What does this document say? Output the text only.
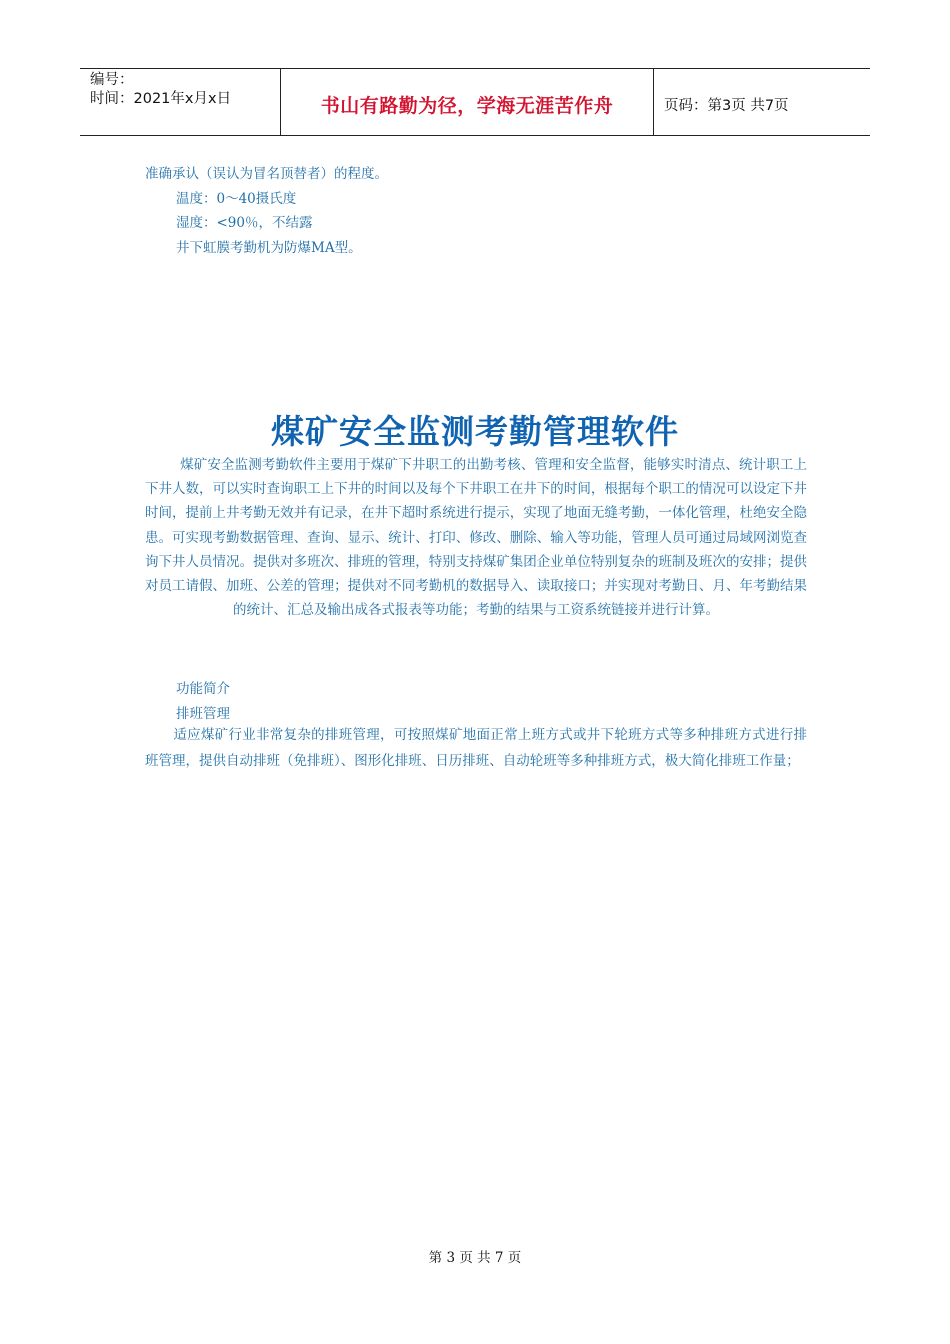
编号：
时间：2021年x月x日	书山有路勤为径，学海无涯苦作舟	页码：第3页 共7页
准确承认（误认为冒名顶替者）的程度。
温度：0～40摄氏度
湿度：<90％，不结露
井下虹膜考勤机为防爆MA型。
煤矿安全监测考勤管理软件
煤矿安全监测考勤软件主要用于煤矿下井职工的出勤考核、管理和安全监督，能够实时清点、统计职工上下井人数，可以实时查询职工上下井的时间以及每个下井职工在井下的时间，根据每个职工的情况可以设定下井时间，提前上井考勤无效并有记录，在井下超时系统进行提示，实现了地面无缝考勤，一体化管理，杜绝安全隐患。可实现考勤数据管理、查询、显示、统计、打印、修改、删除、输入等功能，管理人员可通过局域网浏览查询下井人员情况。提供对多班次、排班的管理，特别支持煤矿集团企业单位特别复杂的班制及班次的安排；提供对员工请假、加班、公差的管理；提供对不同考勤机的数据导入、读取接口；并实现对考勤日、月、年考勤结果的统计、汇总及输出成各式报表等功能；考勤的结果与工资系统链接并进行计算。
功能简介
排班管理
适应煤矿行业非常复杂的排班管理，可按照煤矿地面正常上班方式或井下轮班方式等多种排班方式进行排班管理，提供自动排班（免排班）、图形化排班、日历排班、自动轮班等多种排班方式，极大简化排班工作量；
第 3 页 共 7 页
